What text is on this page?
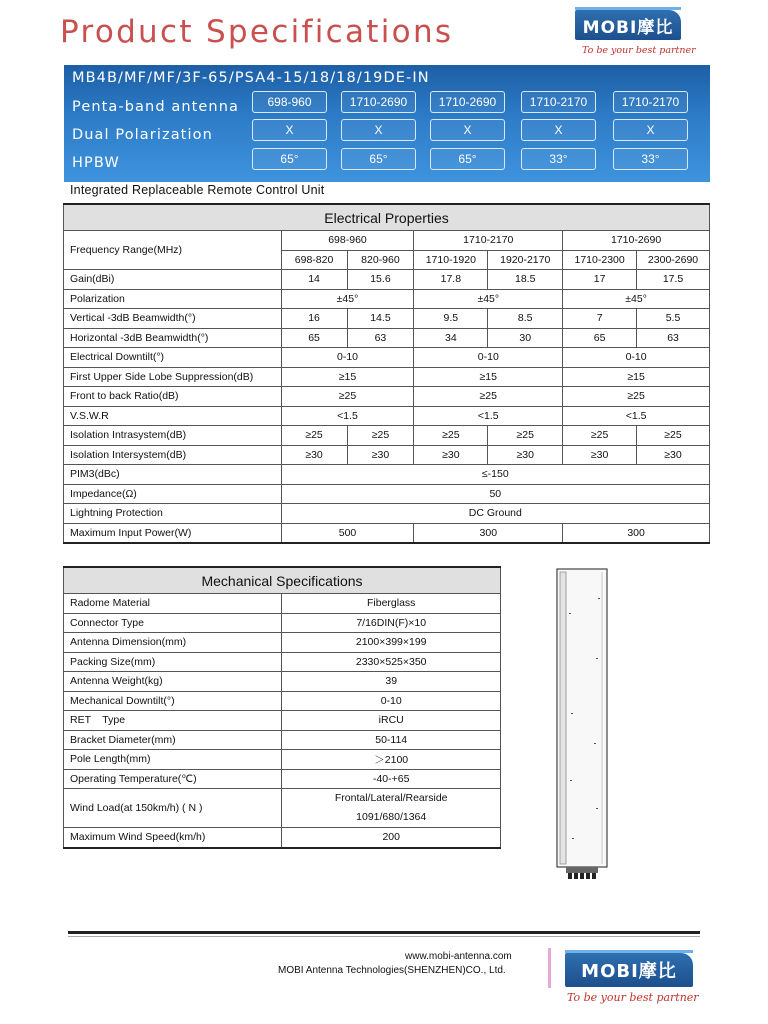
Product Specifications	MOBI摩比
To be your best partner
MB4B/MF/MF/3F-65/PSA4-15/18/18/19DE-IN
Penta-band antenna
Dual Polarization
HPBW
698-960	1710-2690	1710-2690	1710-2170	1710-2170
X	X	X	X	X
65°	65°	65°	33°	33°
Integrated Replaceable Remote Control Unit
Electrical Properties						
Frequency Range(MHz)	698-960		1710-2170		1710-2690	
	698-820	820-960	1710-1920	1920-2170	1710-2300	2300-2690
Gain(dBi)	14	15.6	17.8	18.5	17	17.5
Polarization	±45°		±45°		±45°	
Vertical -3dB Beamwidth(°)	16	14.5	9.5	8.5	7	5.5
Horizontal -3dB Beamwidth(°)	65	63	34	30	65	63
Electrical Downtilt(°)	0-10		0-10		0-10	
First Upper Side Lobe Suppression(dB)	≥15		≥15		≥15	
Front to back Ratio(dB)	≥25		≥25		≥25	
V.S.W.R	<1.5		<1.5		<1.5	
Isolation Intrasystem(dB)	≥25	≥25	≥25	≥25	≥25	≥25
Isolation Intersystem(dB)	≥30	≥30	≥30	≥30	≥30	≥30
PIM3(dBc)	≤-150					
Impedance(Ω)	50					
Lightning Protection	DC Ground					
Maximum Input Power(W)	500		300		300	
Mechanical Specifications	
Radome Material	Fiberglass
Connector Type	7/16DIN(F)×10
Antenna Dimension(mm)	2100×399×199
Packing Size(mm)	2330×525×350
Antenna Weight(kg)	39
Mechanical Downtilt(°)	0-10
RET    Type	iRCU
Bracket Diameter(mm)	50-114
Pole Length(mm)	＞2100
Operating Temperature(℃)	-40-+65
Wind Load(at 150km/h) ( N )	Frontal/Lateral/Rearside
1091/680/1364

Maximum Wind Speed(km/h)	200
www.mobi-antenna.com
MOBI Antenna Technologies(SHENZHEN)CO., Ltd.	MOBI摩比
To be your best partner
